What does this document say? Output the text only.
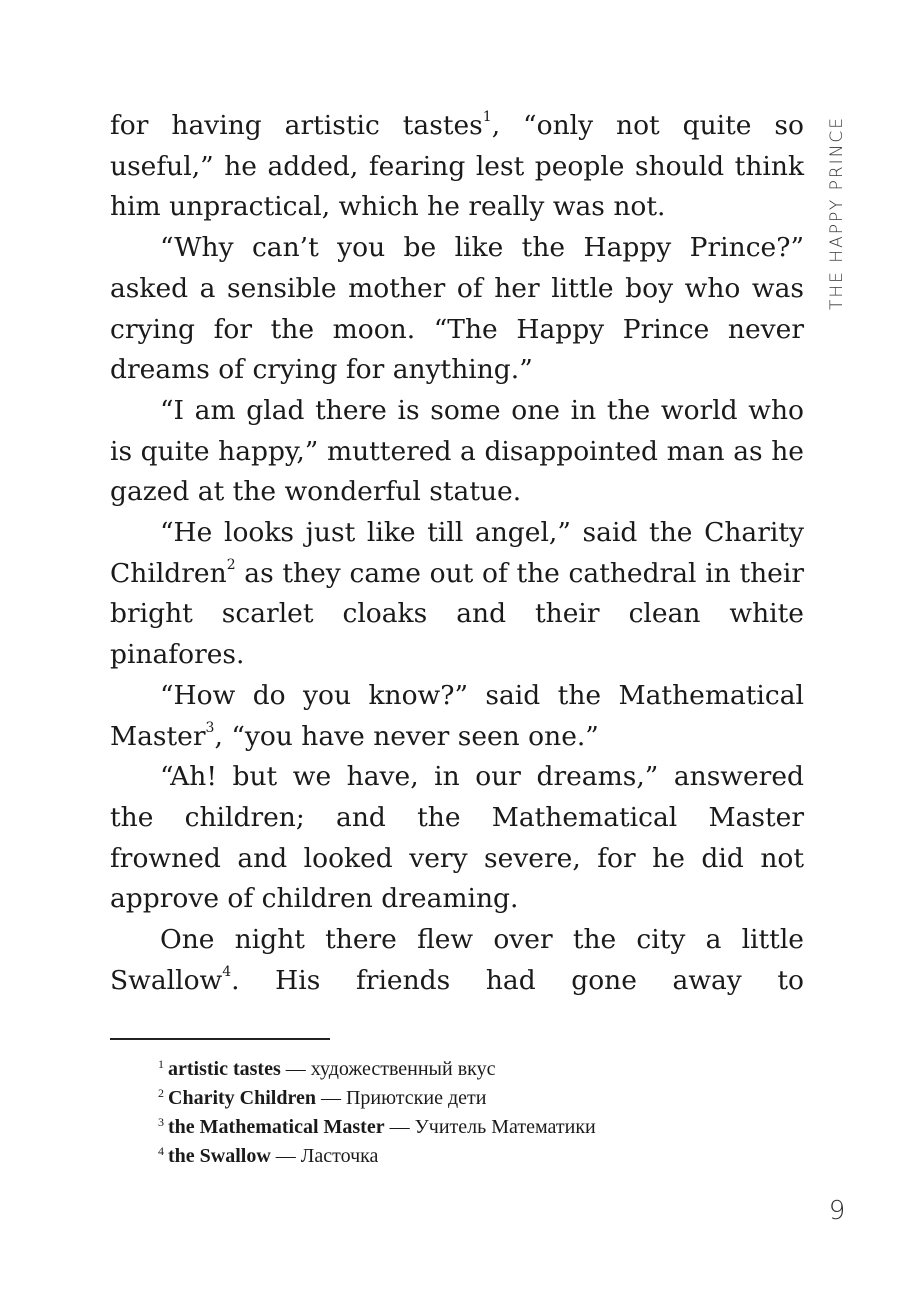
THE HAPPY PRINCE

for having artistic tastes$^1$, “only not quite so useful,” he added, fearing lest people should think him unpractical, which he really was not.

“Why can’t you be like the Happy Prince?” asked a sensible mother of her little boy who was crying for the moon. “The Happy Prince never dreams of crying for anything.”

“I am glad there is some one in the world who is quite happy,” muttered a disappointed man as he gazed at the wonderful statue.

“He looks just like till angel,” said the Charity Children$^2$ as they came out of the cathedral in their bright scarlet cloaks and their clean white pinafores.

“How do you know?” said the Mathematical Master$^3$, “you have never seen one.”

“Ah! but we have, in our dreams,” answered the children; and the Mathematical Master frowned and looked very severe, for he did not approve of children dreaming.

One night there flew over the city a little Swallow$^4$. His friends had gone away to

$^1$ artistic tastes — художественный вкус
$^2$ Charity Children — Приютские дети
$^3$ the Mathematical Master — Учитель Математики
$^4$ the Swallow — Ласточка
9
